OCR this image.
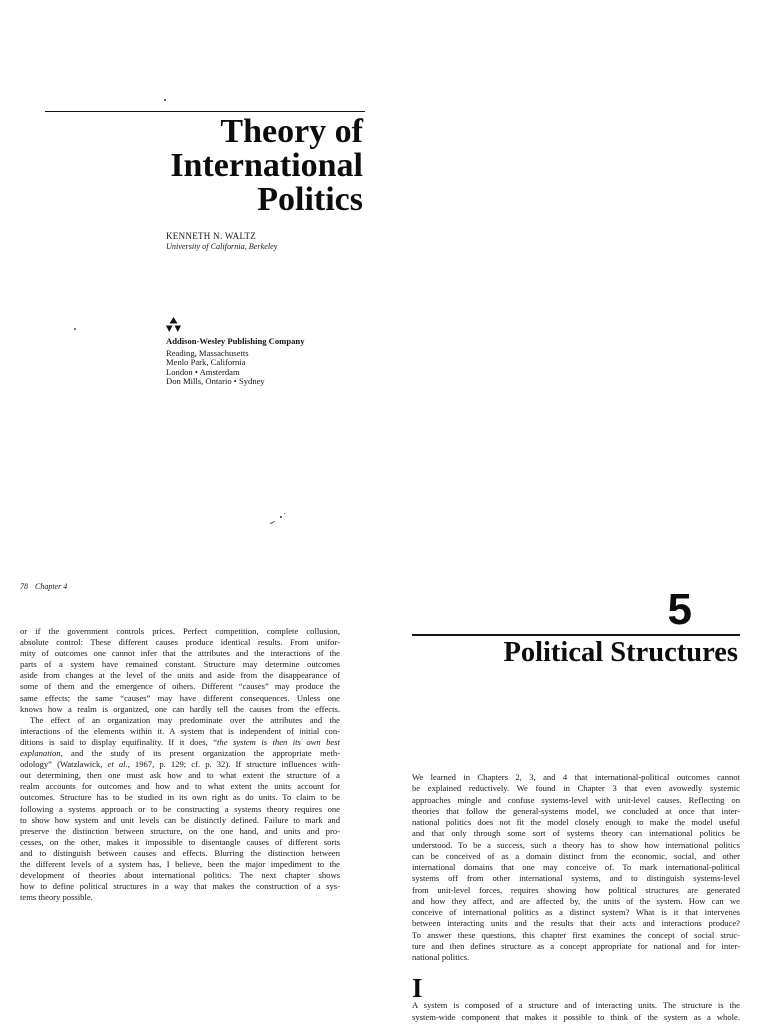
Theory of
International
Politics
KENNETH N. WALTZ
University of California, Berkeley
Addison-Wesley Publishing Company
Reading, Massachusetts
Menlo Park, California
London • Amsterdam
Don Mills, Ontario • Sydney
78 Chapter 4
or if the government controls prices. Perfect competition, complete collusion,
absolute control: These different causes produce identical results. From unifor-
mity of outcomes one cannot infer that the attributes and the interactions of the
parts of a system have remained constant. Structure may determine outcomes
aside from changes at the level of the units and aside from the disappearance of
some of them and the emergence of others. Different “causes” may produce the
same effects; the same “causes” may have different consequences. Unless one
knows how a realm is organized, one can hardly tell the causes from the effects.
The effect of an organization may predominate over the attributes and the
interactions of the elements within it. A system that is independent of initial con-
ditions is said to display equifinality. If it does, “the system is then its own best
explanation, and the study of its present organization the appropriate meth-
odology” (Watzlawick, et al., 1967, p. 129; cf. p. 32). If structure influences with-
out determining, then one must ask how and to what extent the structure of a
realm accounts for outcomes and how and to what extent the units account for
outcomes. Structure has to be studied in its own right as do units. To claim to be
following a systems approach or to be constructing a systems theory requires one
to show how system and unit levels can be distinctly defined. Failure to mark and
preserve the distinction between structure, on the one hand, and units and pro-
cesses, on the other, makes it impossible to disentangle causes of different sorts
and to distinguish between causes and effects. Blurring the distinction between
the different levels of a system has, I believe, been the major impediment to the
development of theories about international politics. The next chapter shows
how to define political structures in a way that makes the construction of a sys-
tems theory possible.
5
Political Structures
We learned in Chapters 2, 3, and 4 that international-political outcomes cannot
be explained reductively. We found in Chapter 3 that even avowedly systemic
approaches mingle and confuse systems-level with unit-level causes. Reflecting on
theories that follow the general-systems model, we concluded at once that inter-
national politics does not fit the model closely enough to make the model useful
and that only through some sort of systems theory can international politics be
understood. To be a success, such a theory has to show how international politics
can be conceived of as a domain distinct from the economic, social, and other
international domains that one may conceive of. To mark international-political
systems off from other international systems, and to distinguish systems-level
from unit-level forces, requires showing how political structures are generated
and how they affect, and are affected by, the units of the system. How can we
conceive of international politics as a distinct system? What is it that intervenes
between interacting units and the results that their acts and interactions produce?
To answer these questions, this chapter first examines the concept of social struc-
ture and then defines structure as a concept appropriate for national and for inter-
national politics.
I
A system is composed of a structure and of interacting units. The structure is the
system-wide component that makes it possible to think of the system as a whole.
